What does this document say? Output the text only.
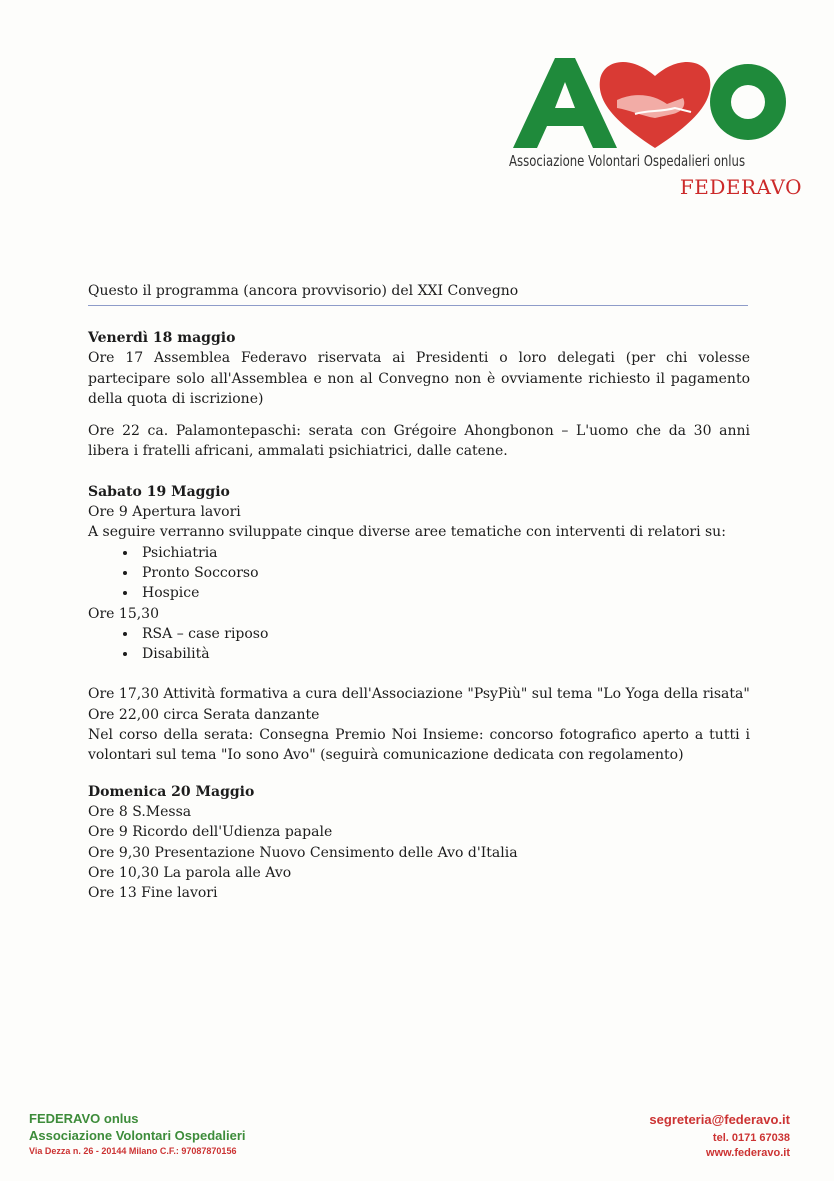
Associazione Volontari Ospedalieri onlus
FEDERAVO
Questo il programma (ancora provvisorio) del XXI Convegno

Venerdì 18 maggio

Ore 17 Assemblea Federavo riservata ai Presidenti o loro delegati (per chi volesse partecipare solo all'Assemblea e non al Convegno non è ovviamente richiesto il pagamento della quota di iscrizione)

Ore 22 ca. Palamontepaschi: serata con Grégoire Ahongbonon – L'uomo che da 30 anni libera i fratelli africani, ammalati psichiatrici, dalle catene.

Sabato 19 Maggio

Ore 9 Apertura lavori

A seguire verranno sviluppate cinque diverse aree tematiche con interventi di relatori su:

• Psichiatria
• Pronto Soccorso
• Hospice

Ore 15,30

• RSA – case riposo
• Disabilità

Ore 17,30 Attività formativa a cura dell'Associazione "PsyPiù" sul tema "Lo Yoga della risata"

Ore 22,00 circa Serata danzante

Nel corso della serata: Consegna Premio Noi Insieme: concorso fotografico aperto a tutti i volontari sul tema "Io sono Avo" (seguirà comunicazione dedicata con regolamento)

Domenica 20 Maggio

Ore 8 S.Messa

Ore 9 Ricordo dell'Udienza papale

Ore 9,30 Presentazione Nuovo Censimento delle Avo d'Italia

Ore 10,30 La parola alle Avo

Ore 13 Fine lavori

FEDERAVO onlus
Associazione Volontari Ospedalieri
Via Dezza n. 26 - 20144 Milano C.F.: 97087870156
segreteria@federavo.it
tel. 0171 67038
www.federavo.it
